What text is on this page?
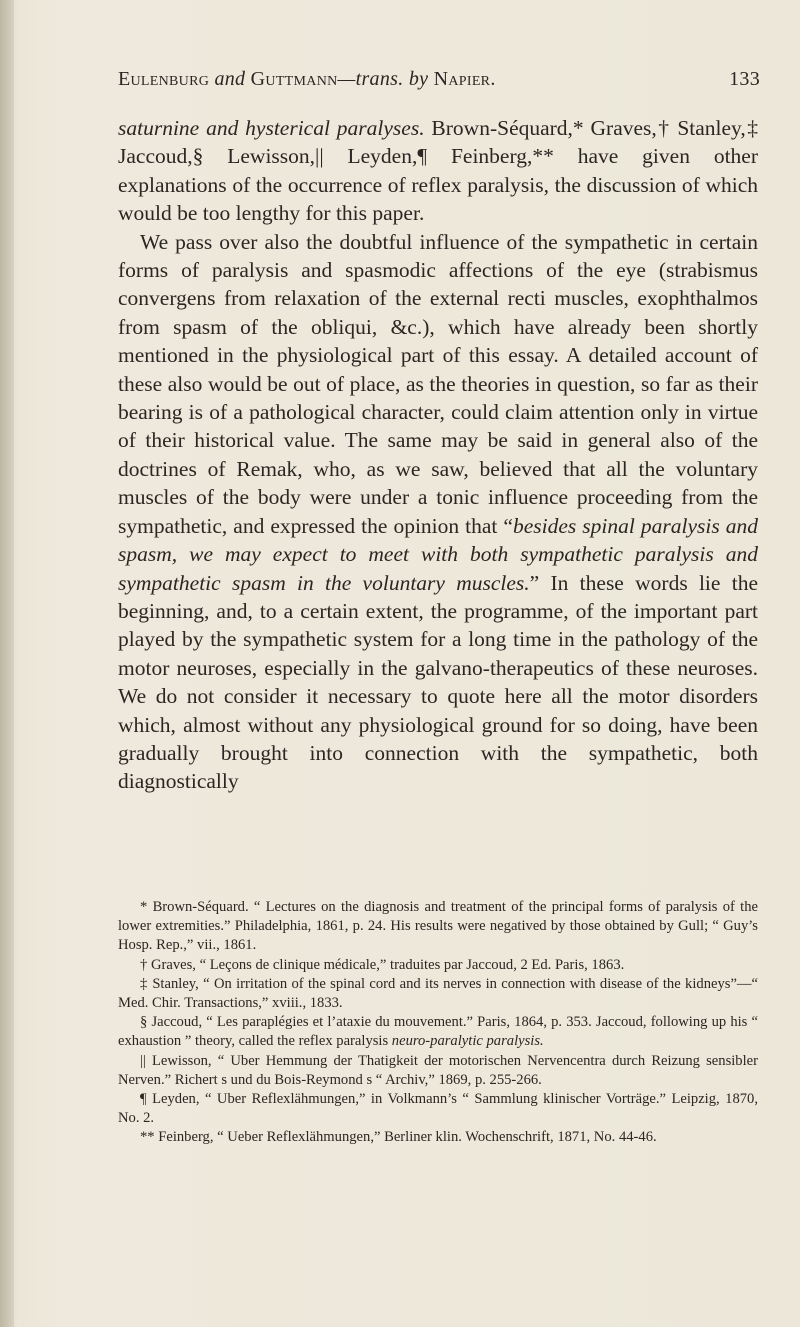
Eulenburg and Guttmann—trans. by Napier.	133

saturnine and hysterical paralyses. Brown-Séquard,* Graves,† Stanley,‡ Jaccoud,§ Lewisson,|| Leyden,¶ Feinberg,** have given other explanations of the occurrence of reflex paralysis, the discussion of which would be too lengthy for this paper.

We pass over also the doubtful influence of the sympathetic in certain forms of paralysis and spasmodic affections of the eye (strabismus convergens from relaxation of the external recti muscles, exophthalmos from spasm of the obliqui, &c.), which have already been shortly mentioned in the physiological part of this essay. A detailed account of these also would be out of place, as the theories in question, so far as their bearing is of a pathological character, could claim attention only in virtue of their historical value. The same may be said in general also of the doctrines of Remak, who, as we saw, believed that all the voluntary muscles of the body were under a tonic influence proceeding from the sympathetic, and expressed the opinion that “besides spinal paralysis and spasm, we may expect to meet with both sympathetic paralysis and sympathetic spasm in the voluntary muscles.” In these words lie the beginning, and, to a certain extent, the programme, of the important part played by the sympathetic system for a long time in the pathology of the motor neuroses, especially in the galvano-therapeutics of these neuroses. We do not consider it necessary to quote here all the motor disorders which, almost without any physiological ground for so doing, have been gradually brought into connection with the sympathetic, both diagnostically

* Brown-Séquard. “ Lectures on the diagnosis and treatment of the principal forms of paralysis of the lower extremities.” Philadelphia, 1861, p. 24. His results were negatived by those obtained by Gull; “ Guy’s Hosp. Rep.,” vii., 1861.

† Graves, “ Leçons de clinique médicale,” traduites par Jaccoud, 2 Ed. Paris, 1863.

‡ Stanley, “ On irritation of the spinal cord and its nerves in connection with disease of the kidneys”—“ Med. Chir. Transactions,” xviii., 1833.

§ Jaccoud, “ Les paraplégies et l’ataxie du mouvement.” Paris, 1864, p. 353. Jaccoud, following up his “ exhaustion ” theory, called the reflex paralysis neuro-paralytic paralysis.

|| Lewisson, “ Uber Hemmung der Thatigkeit der motorischen Nervencentra durch Reizung sensibler Nerven.” Richert s und du Bois-Reymond s “ Archiv,” 1869, p. 255-266.

¶ Leyden, “ Uber Reflexlähmungen,” in Volkmann’s “ Sammlung klinischer Vorträge.” Leipzig, 1870, No. 2.

** Feinberg, “ Ueber Reflexlähmungen,” Berliner klin. Wochenschrift, 1871, No. 44-46.
